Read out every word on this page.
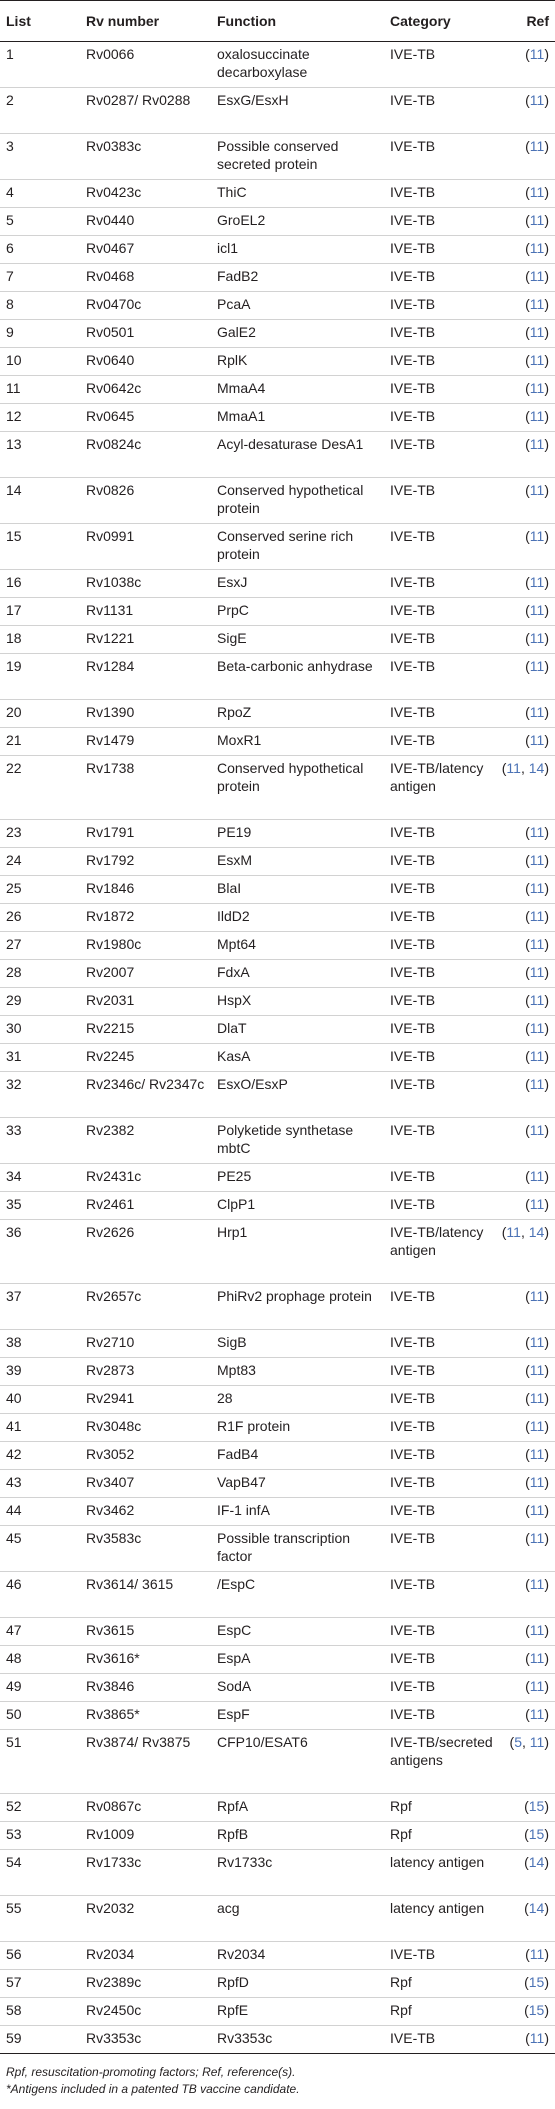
List	Rv number	Function	Category	Ref
1	Rv0066	oxalosuccinate decarboxylase	IVE-TB	(11)
2	Rv0287/ Rv0288	EsxG/EsxH	IVE-TB	(11)
3	Rv0383c	Possible conserved secreted protein	IVE-TB	(11)
4	Rv0423c	ThiC	IVE-TB	(11)
5	Rv0440	GroEL2	IVE-TB	(11)
6	Rv0467	icl1	IVE-TB	(11)
7	Rv0468	FadB2	IVE-TB	(11)
8	Rv0470c	PcaA	IVE-TB	(11)
9	Rv0501	GalE2	IVE-TB	(11)
10	Rv0640	RplK	IVE-TB	(11)
11	Rv0642c	MmaA4	IVE-TB	(11)
12	Rv0645	MmaA1	IVE-TB	(11)
13	Rv0824c	Acyl-desaturase DesA1	IVE-TB	(11)
14	Rv0826	Conserved hypothetical protein	IVE-TB	(11)
15	Rv0991	Conserved serine rich protein	IVE-TB	(11)
16	Rv1038c	EsxJ	IVE-TB	(11)
17	Rv1131	PrpC	IVE-TB	(11)
18	Rv1221	SigE	IVE-TB	(11)
19	Rv1284	Beta-carbonic anhydrase	IVE-TB	(11)
20	Rv1390	RpoZ	IVE-TB	(11)
21	Rv1479	MoxR1	IVE-TB	(11)
22	Rv1738	Conserved hypothetical protein	IVE-TB/latency antigen	(11, 14)
23	Rv1791	PE19	IVE-TB	(11)
24	Rv1792	EsxM	IVE-TB	(11)
25	Rv1846	BlaI	IVE-TB	(11)
26	Rv1872	IldD2	IVE-TB	(11)
27	Rv1980c	Mpt64	IVE-TB	(11)
28	Rv2007	FdxA	IVE-TB	(11)
29	Rv2031	HspX	IVE-TB	(11)
30	Rv2215	DlaT	IVE-TB	(11)
31	Rv2245	KasA	IVE-TB	(11)
32	Rv2346c/ Rv2347c	EsxO/EsxP	IVE-TB	(11)
33	Rv2382	Polyketide synthetase mbtC	IVE-TB	(11)
34	Rv2431c	PE25	IVE-TB	(11)
35	Rv2461	ClpP1	IVE-TB	(11)
36	Rv2626	Hrp1	IVE-TB/latency antigen	(11, 14)
37	Rv2657c	PhiRv2 prophage protein	IVE-TB	(11)
38	Rv2710	SigB	IVE-TB	(11)
39	Rv2873	Mpt83	IVE-TB	(11)
40	Rv2941	28	IVE-TB	(11)
41	Rv3048c	R1F protein	IVE-TB	(11)
42	Rv3052	FadB4	IVE-TB	(11)
43	Rv3407	VapB47	IVE-TB	(11)
44	Rv3462	IF-1 infA	IVE-TB	(11)
45	Rv3583c	Possible transcription factor	IVE-TB	(11)
46	Rv3614/ 3615	/EspC	IVE-TB	(11)
47	Rv3615	EspC	IVE-TB	(11)
48	Rv3616*	EspA	IVE-TB	(11)
49	Rv3846	SodA	IVE-TB	(11)
50	Rv3865*	EspF	IVE-TB	(11)
51	Rv3874/ Rv3875	CFP10/ESAT6	IVE-TB/secreted antigens	(5, 11)
52	Rv0867c	RpfA	Rpf	(15)
53	Rv1009	RpfB	Rpf	(15)
54	Rv1733c	Rv1733c	latency antigen	(14)
55	Rv2032	acg	latency antigen	(14)
56	Rv2034	Rv2034	IVE-TB	(11)
57	Rv2389c	RpfD	Rpf	(15)
58	Rv2450c	RpfE	Rpf	(15)
59	Rv3353c	Rv3353c	IVE-TB	(11)
Rpf, resuscitation-promoting factors; Ref, reference(s).
*Antigens included in a patented TB vaccine candidate.
